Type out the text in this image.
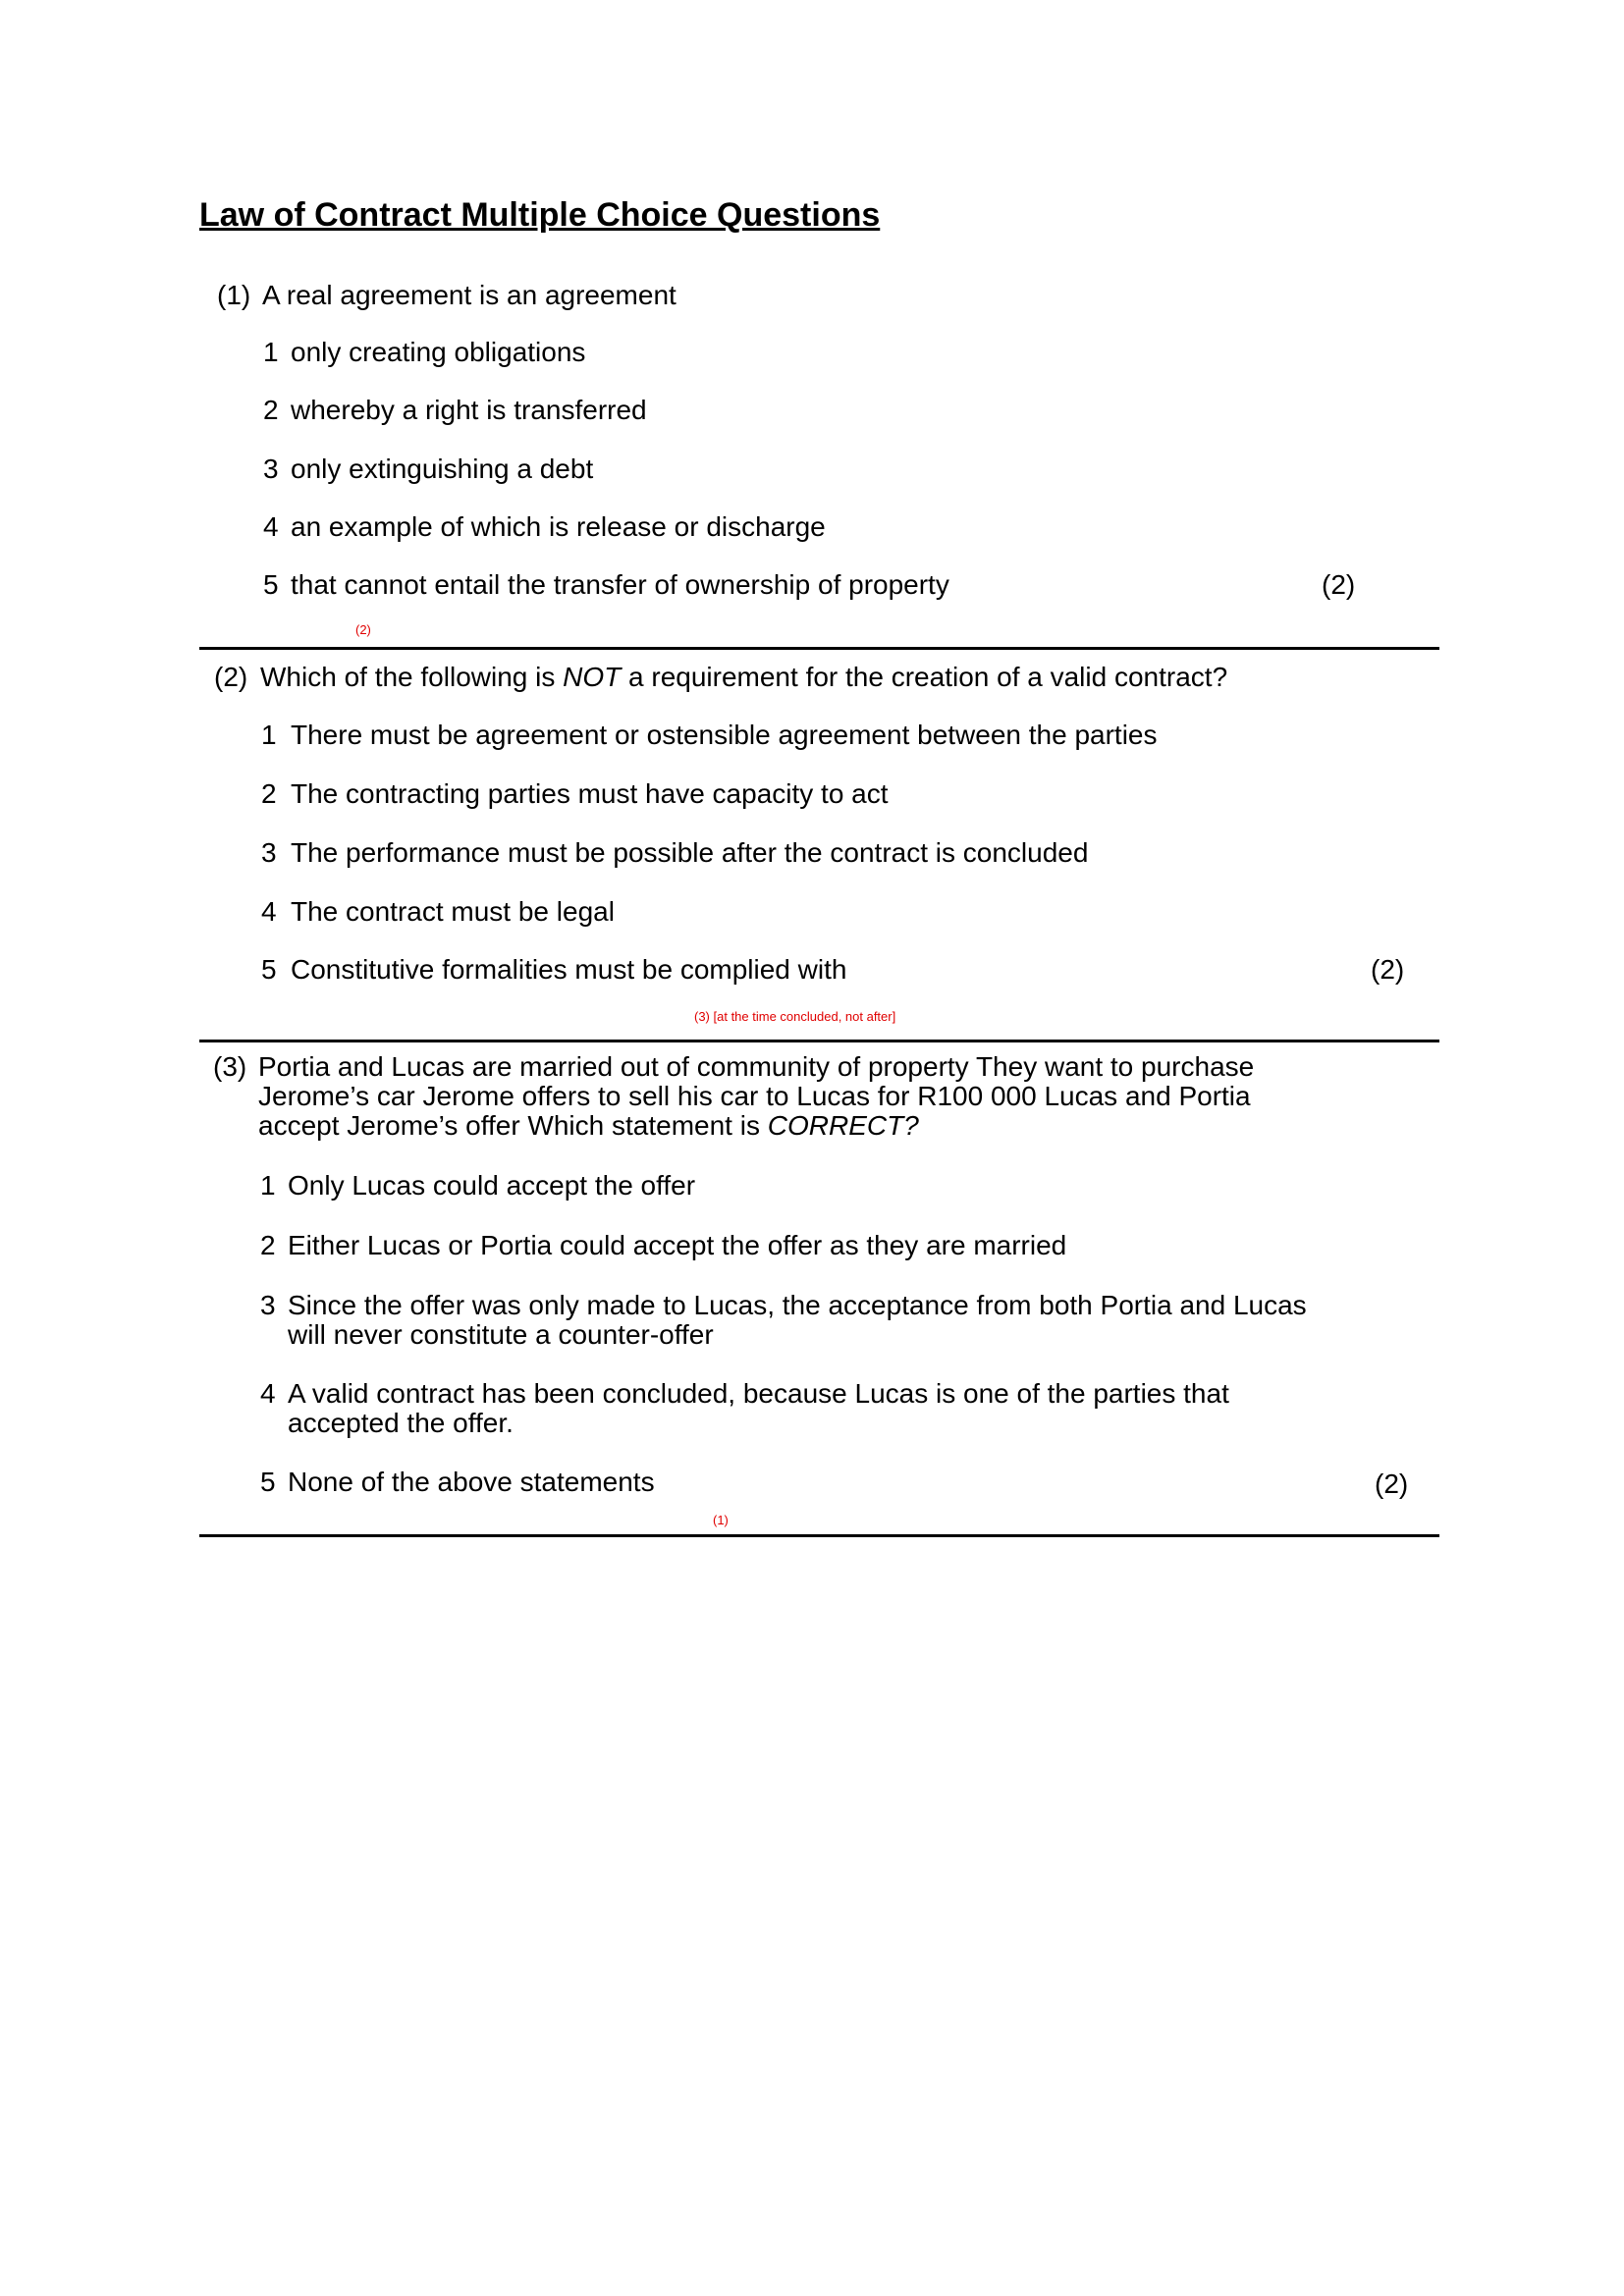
Law of Contract Multiple Choice Questions
(1) A real agreement is an agreement
1 only creating obligations
2 whereby a right is transferred
3 only extinguishing a debt
4 an example of which is release or discharge
5 that cannot entail the transfer of ownership of property	(2)
(2)
(2) Which of the following is NOT a requirement for the creation of a valid contract?
1 There must be agreement or ostensible agreement between the parties
2 The contracting parties must have capacity to act
3 The performance must be possible after the contract is concluded
4 The contract must be legal
5 Constitutive formalities must be complied with	(2)
(3) [at the time concluded, not after]
(3) Portia and Lucas are married out of community of property They want to purchase Jerome’s car Jerome offers to sell his car to Lucas for R100 000 Lucas and Portia accept Jerome’s offer Which statement is CORRECT?
1 Only Lucas could accept the offer
2 Either Lucas or Portia could accept the offer as they are married
3 Since the offer was only made to Lucas, the acceptance from both Portia and Lucas will never constitute a counter-offer
4 A valid contract has been concluded, because Lucas is one of the parties that accepted the offer.
5 None of the above statements	(2)
(1)
